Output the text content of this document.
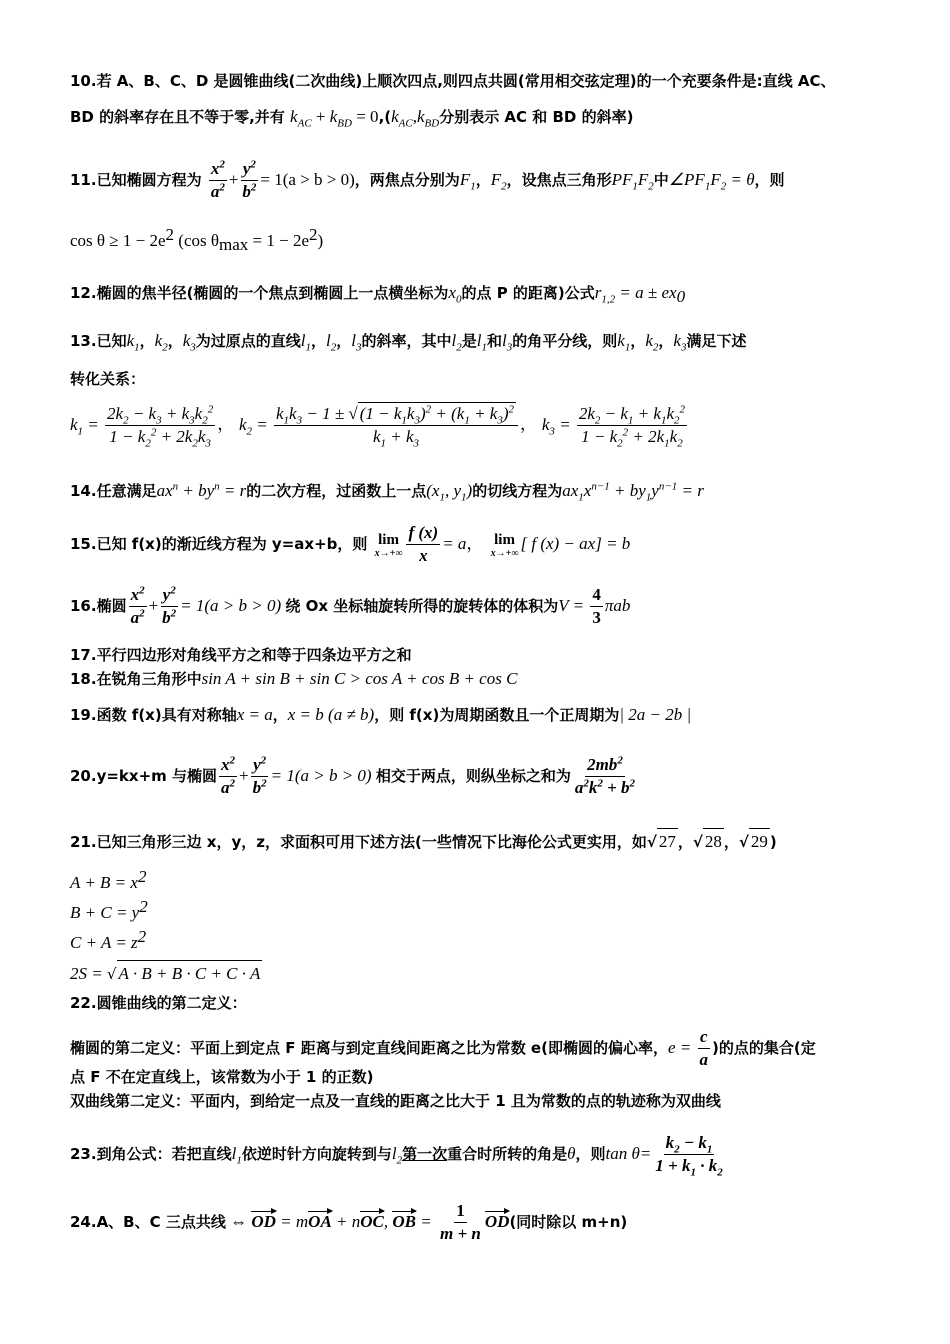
10.若 A、B、C、D 是圆锥曲线(二次曲线)上顺次四点,则四点共圆(常用相交弦定理)的一个充要条件是:直线 AC、
BD 的斜率存在且不等于零,并有 $k_{AC} + k_{BD} = 0,(k_{AC},k_{BD}$分别表示 AC 和 BD 的斜率)
11.已知椭圆方程为 $\frac{x^2}{a^2} + \frac{y^2}{b^2} = 1(a > b > 0)$，两焦点分别为$F_1$，$F_2$，设焦点三角形$PF_1F_2$中$\angle PF_1F_2 = \theta$，则
$\cos \theta \ge 1 - 2e^2$ (cos $\theta_{max} = 1 - 2e^2$)
12.椭圆的焦半径(椭圆的一个焦点到椭圆上一点横坐标为$x_0$的点 P 的距离)公式$r_{1,2} = a \pm ex_0$
13.已知$k_1$，$k_2$，$k_3$为过原点的直线$l_1$，$l_2$，$l_3$的斜率，其中$l_2$是$l_1$和$l_3$的角平分线，则$k_1$，$k_2$，$k_3$满足下述
转化关系：
$k_1 = \frac{2k_2 - k_3 + k_3k_2^2}{1 - k_2^2 + 2k_2k_3}$ ， $k_2 = \frac{k_1k_3 - 1 \pm √ (1 - k_1k_3)^2 + (k_1 + k_3)^2}{k_1 + k_3}$ ， $k_3 = \frac{2k_2 - k_1 + k_1k_2^2}{1 - k_2^2 + 2k_1k_2}$
14.任意满足$ax^n + by^n = r$的二次方程，过函数上一点($x_1$, $y_1$)的切线方程为$ax_1x^{n-1} + by_1y^{n-1} = r$
15.已知 f(x)的渐近线方程为 y=ax+b，则 lim
$x\to+\infty \frac{f (x)}{x} = a$， lim
x→+∞ [ f (x) − ax] = b
16.椭圆 $\frac{x^2}{a^2} + \frac{y^2}{b^2} = 1(a > b > 0)$ 绕 Ox 坐标轴旋转所得的旋转体的体积为$V = \frac{4}{3}$ πab
17.平行四边形对角线平方之和等于四条边平方之和
18.在锐角三角形中sin A + sin B + sin C > cos A + cos B + cos C
19.函数 f(x)具有对称轴x = a，x = b (a ≠ b)，则 f(x)为周期函数且一个正周期为| 2a − 2b |
20.y=kx+m 与椭圆 $\frac{x^2}{a^2} + \frac{y^2}{b^2} = 1(a > b > 0)$ 相交于两点，则纵坐标之和为 $\frac{2mb^2}{a^2k^2 + b^2}$
21.已知三角形三边 x，y，z，求面积可用下述方法(一些情况下比海伦公式更实用，如√ 27 ，√ 28 ，√ 29 )
$A + B = x^2$
$B + C = y^2$
$C + A = z^2$
2S = √ A · B + B · C + C · A
22.圆锥曲线的第二定义：
椭圆的第二定义：平面上到定点 F 距离与到定直线间距离之比为常数 e(即椭圆的偏心率，$e = \frac{c}{a}$ )的点的集合(定
点 F 不在定直线上，该常数为小于 1 的正数)
双曲线第二定义：平面内，到给定一点及一直线的距离之比大于 1 且为常数的点的轨迹称为双曲线
23.到角公式：若把直线$l_1$依逆时针方向旋转到与$l_2$第一次重合时所转的角是θ，则$\tan \theta= \frac{k_2 - k_1}{1 + k_1 \cdot k_2}$
24.A、B、C 三点共线 ⇔ OD = mOA + nOC, OB = $\frac{1}{m + n} OD$(同时除以 m+n)
